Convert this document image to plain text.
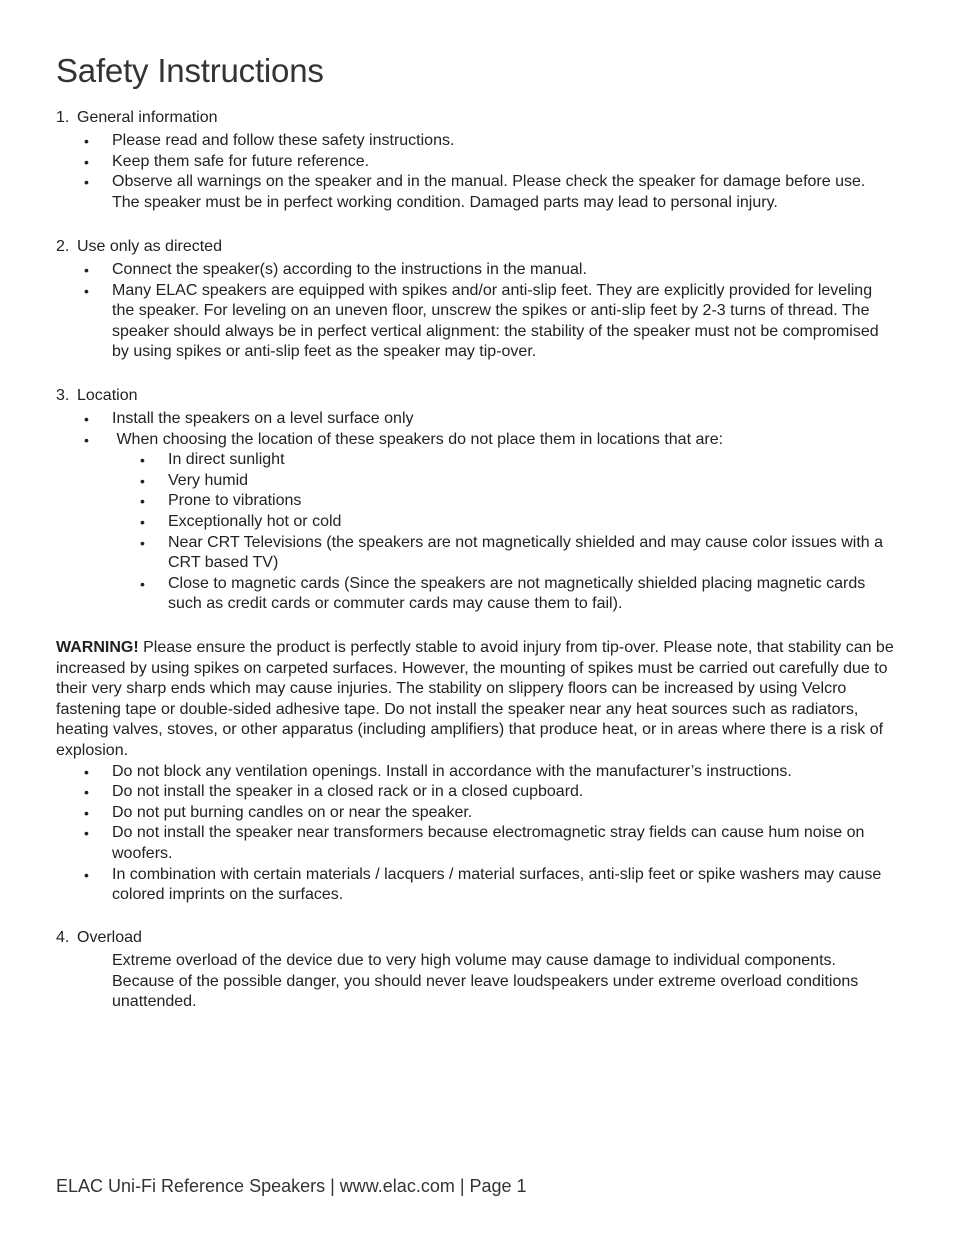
Safety Instructions
1. General information
• Please read and follow these safety instructions.
• Keep them safe for future reference.
• Observe all warnings on the speaker and in the manual. Please check the speaker for damage before use. The speaker must be in perfect working condition. Damaged parts may lead to personal injury.
2. Use only as directed
• Connect the speaker(s) according to the instructions in the manual.
• Many ELAC speakers are equipped with spikes and/or anti-slip feet. They are explicitly provided for leveling the speaker. For leveling on an uneven floor, unscrew the spikes or anti-slip feet by 2-3 turns of thread. The speaker should always be in perfect vertical alignment: the stability of the speaker must not be compromised by using spikes or anti-slip feet as the speaker may tip-over.
3. Location
• Install the speakers on a level surface only
• When choosing the location of these speakers do not place them in locations that are:
• In direct sunlight
• Very humid
• Prone to vibrations
• Exceptionally hot or cold
• Near CRT Televisions (the speakers are not magnetically shielded and may cause color issues with a CRT based TV)
• Close to magnetic cards (Since the speakers are not magnetically shielded placing magnetic cards such as credit cards or commuter cards may cause them to fail).

WARNING! Please ensure the product is perfectly stable to avoid injury from tip-over. Please note, that stability can be increased by using spikes on carpeted surfaces. However, the mounting of spikes must be carried out carefully due to their very sharp ends which may cause injuries. The stability on slippery floors can be increased by using Velcro fastening tape or double-sided adhesive tape. Do not install the speaker near any heat sources such as radiators, heating valves, stoves, or other apparatus (including amplifiers) that produce heat, or in areas where there is a risk of explosion.

• Do not block any ventilation openings. Install in accordance with the manufacturer’s instructions.
• Do not install the speaker in a closed rack or in a closed cupboard.
• Do not put burning candles on or near the speaker.
• Do not install the speaker near transformers because electromagnetic stray fields can cause hum noise on woofers.
• In combination with certain materials / lacquers / material surfaces, anti-slip feet or spike washers may cause colored imprints on the surfaces.
4. Overload

Extreme overload of the device due to very high volume may cause damage to individual components. Because of the possible danger, you should never leave loudspeakers under extreme overload conditions unattended.

ELAC Uni-Fi Reference Speakers | www.elac.com | Page 1
